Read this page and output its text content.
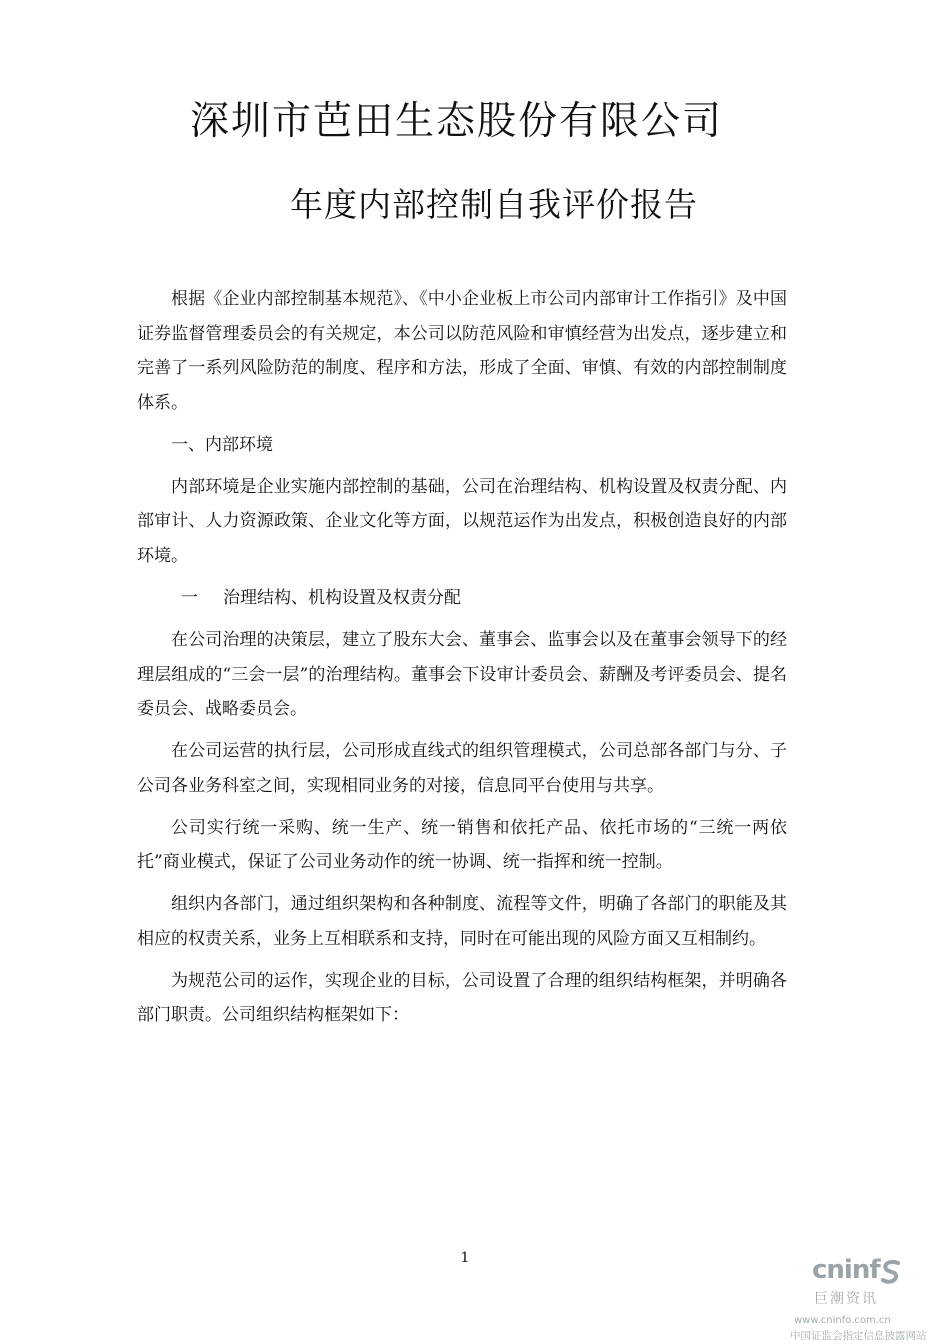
深圳市芭田生态股份有限公司
年度内部控制自我评价报告

根据《企业内部控制基本规范》、《中小企业板上市公司内部审计工作指引》及中国证券监督管理委员会的有关规定，本公司以防范风险和审慎经营为出发点，逐步建立和完善了一系列风险防范的制度、程序和方法，形成了全面、审慎、有效的内部控制制度体系。

一、内部环境

内部环境是企业实施内部控制的基础，公司在治理结构、机构设置及权责分配、内部审计、人力资源政策、企业文化等方面，以规范运作为出发点，积极创造良好的内部环境。

一 治理结构、机构设置及权责分配

在公司治理的决策层，建立了股东大会、董事会、监事会以及在董事会领导下的经理层组成的“三会一层”的治理结构。董事会下设审计委员会、薪酬及考评委员会、提名委员会、战略委员会。

在公司运营的执行层，公司形成直线式的组织管理模式，公司总部各部门与分、子公司各业务科室之间，实现相同业务的对接，信息同平台使用与共享。

公司实行统一采购、统一生产、统一销售和依托产品、依托市场的“三统一两依托”商业模式，保证了公司业务动作的统一协调、统一指挥和统一控制。

组织内各部门，通过组织架构和各种制度、流程等文件，明确了各部门的职能及其相应的权责关系，业务上互相联系和支持，同时在可能出现的风险方面又互相制约。

为规范公司的运作，实现企业的目标，公司设置了合理的组织结构框架，并明确各部门职责。公司组织结构框架如下：

1	cninf
巨潮资讯
www.cninfo.com.cn
中国证监会指定信息披露网站
